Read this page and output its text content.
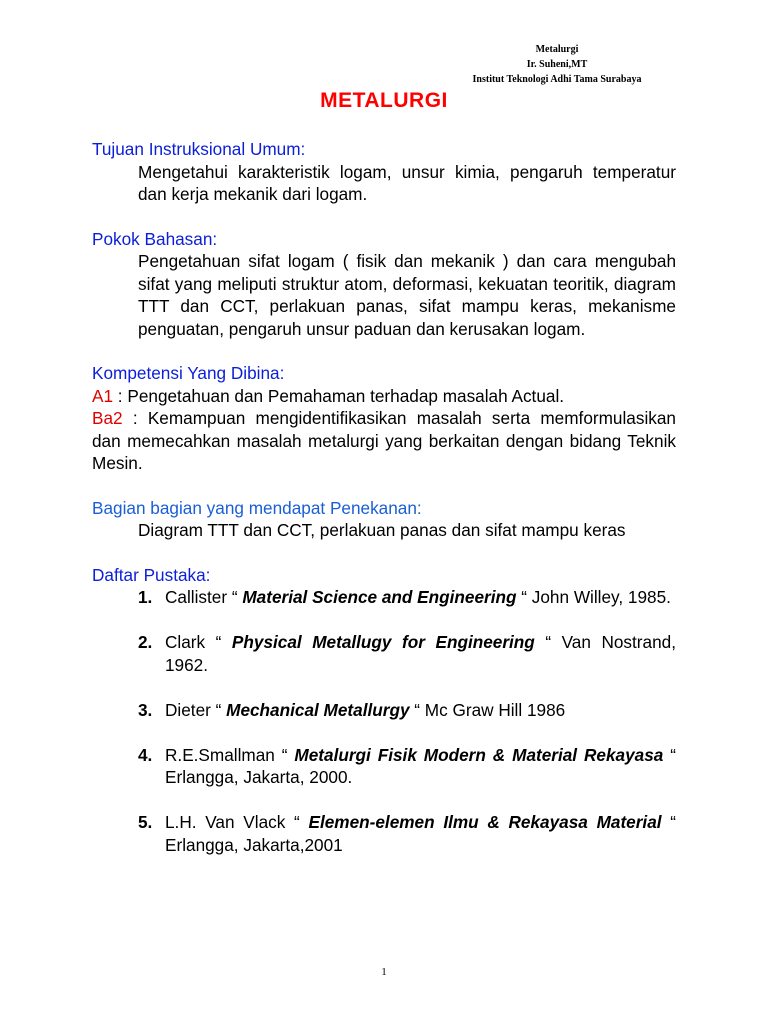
Metalurgi
Ir. Suheni,MT
Institut Teknologi Adhi Tama Surabaya
METALURGI

Tujuan Instruksional Umum:

Mengetahui karakteristik logam, unsur kimia, pengaruh temperatur dan kerja mekanik dari logam.

Pokok Bahasan:

Pengetahuan sifat logam ( fisik dan mekanik ) dan cara mengubah sifat yang meliputi struktur atom, deformasi, kekuatan teoritik, diagram TTT dan CCT, perlakuan panas, sifat mampu keras, mekanisme penguatan, pengaruh unsur paduan dan kerusakan logam.

Kompetensi Yang Dibina:

A1 : Pengetahuan dan Pemahaman terhadap masalah Actual.

Ba2 : Kemampuan mengidentifikasikan masalah serta memformulasikan dan memecahkan masalah metalurgi yang berkaitan dengan bidang Teknik Mesin.

Bagian bagian yang mendapat Penekanan:

Diagram TTT dan CCT, perlakuan panas dan sifat mampu keras

Daftar Pustaka:

1. Callister “ Material Science and Engineering “ John Willey, 1985.
2. Clark “ Physical Metallugy for Engineering “ Van Nostrand, 1962.
3. Dieter “ Mechanical Metallurgy “ Mc Graw Hill 1986
4. R.E.Smallman “ Metalurgi Fisik Modern & Material Rekayasa “ Erlangga, Jakarta, 2000.
5. L.H. Van Vlack “ Elemen-elemen Ilmu & Rekayasa Material “ Erlangga, Jakarta,2001
1
